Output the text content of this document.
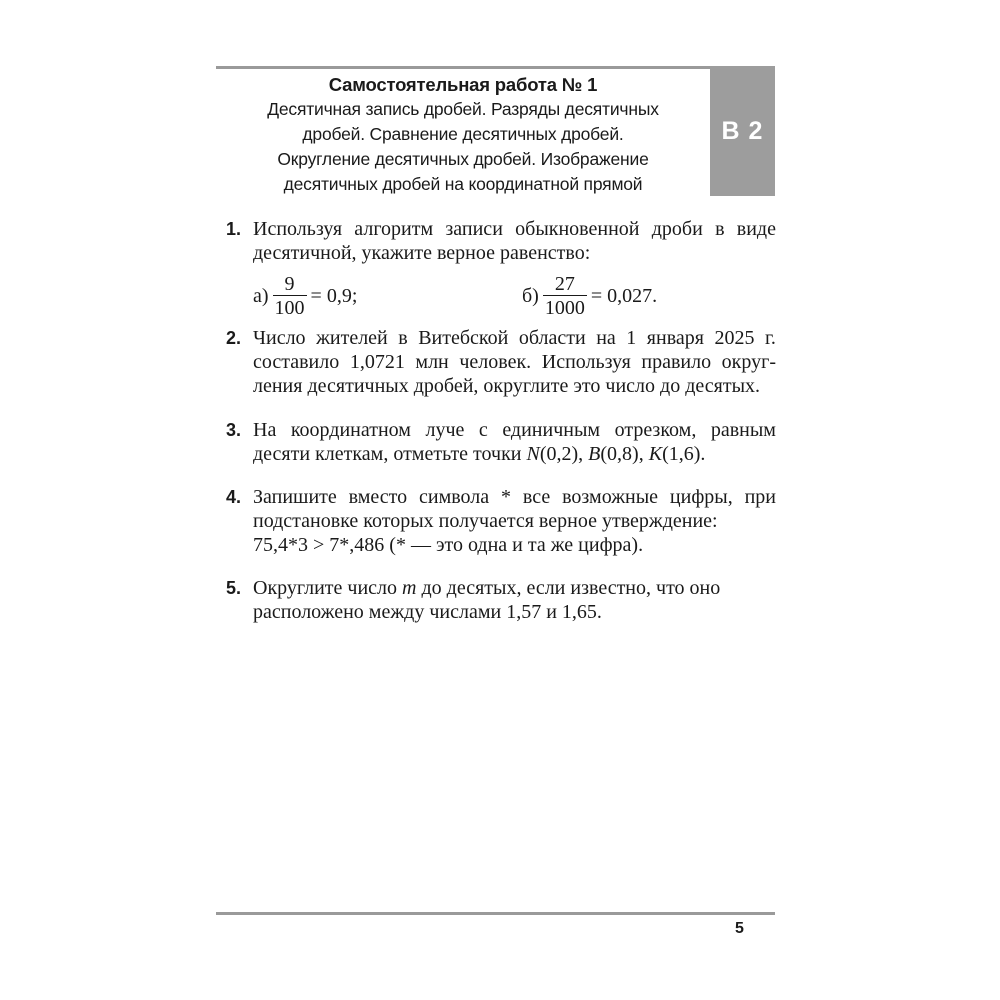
Самостоятельная работа № 1
Десятичная запись дробей. Разряды десятичных
дробей. Сравнение десятичных дробей.
Округление десятичных дробей. Изображение
десятичных дробей на координатной прямой
В 2
1. Используя алгоритм записи обыкновенной дроби в виде
десятичной, укажите верное равенство:
$а) \frac{9}{100} = 0,9$;	$б) \frac{27}{1000} = 0,027$.
2. Число жителей в Витебской области на 1 января 2025 г.
составило 1,0721 млн человек. Используя правило округ-
ления десятичных дробей, округлите это число до десятых.
3. На координатном луче с единичным отрезком, равным
десяти клеткам, отметьте точки N(0,2), B(0,8), K(1,6).
4. Запишите вместо символа * все возможные цифры, при
подстановке которых получается верное утверждение:
75,4*3 > 7*,486 (* — это одна и та же цифра).
5. Округлите число m до десятых, если известно, что оно
расположено между числами 1,57 и 1,65.
5
